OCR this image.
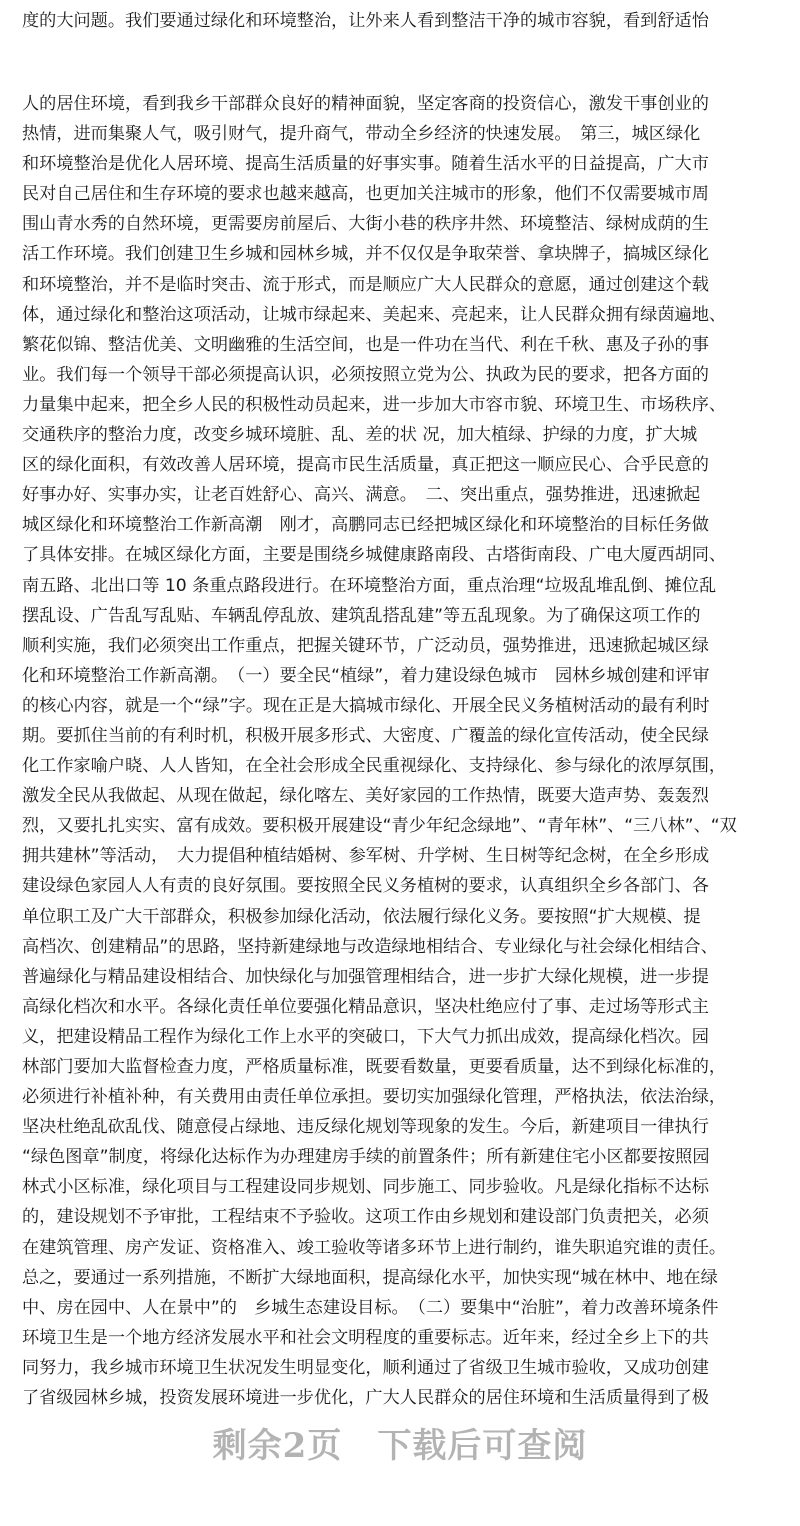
度的大问题。我们要通过绿化和环境整治，让外来人看到整洁干净的城市容貌，看到舒适怡
人的居住环境，看到我乡干部群众良好的精神面貌，坚定客商的投资信心，激发干事创业的
热情，进而集聚人气，吸引财气，提升商气，带动全乡经济的快速发展。　第三，城区绿化
和环境整治是优化人居环境、提高生活质量的好事实事。随着生活水平的日益提高，广大市
民对自己居住和生存环境的要求也越来越高，也更加关注城市的形象，他们不仅需要城市周
围山青水秀的自然环境，更需要房前屋后、大街小巷的秩序井然、环境整洁、绿树成荫的生
活工作环境。我们创建卫生乡城和园林乡城，并不仅仅是争取荣誉、拿块牌子，搞城区绿化
和环境整治，并不是临时突击、流于形式，而是顺应广大人民群众的意愿，通过创建这个载
体，通过绿化和整治这项活动，让城市绿起来、美起来、亮起来，让人民群众拥有绿茵遍地、
繁花似锦、整洁优美、文明幽雅的生活空间，也是一件功在当代、利在千秋、惠及子孙的事
业。我们每一个领导干部必须提高认识，必须按照立党为公、执政为民的要求，把各方面的
力量集中起来，把全乡人民的积极性动员起来，进一步加大市容市貌、环境卫生、市场秩序、
交通秩序的整治力度，改变乡城环境脏、乱、差的状 况，加大植绿、护绿的力度，扩大城
区的绿化面积，有效改善人居环境，提高市民生活质量，真正把这一顺应民心、合乎民意的
好事办好、实事办实，让老百姓舒心、高兴、满意。　二、突出重点，强势推进，迅速掀起
城区绿化和环境整治工作新高潮　刚才，高鹏同志已经把城区绿化和环境整治的目标任务做
了具体安排。在城区绿化方面，主要是围绕乡城健康路南段、古塔街南段、广电大厦西胡同、
南五路、北出口等 10 条重点路段进行。在环境整治方面，重点治理“垃圾乱堆乱倒、摊位乱
摆乱设、广告乱写乱贴、车辆乱停乱放、建筑乱搭乱建”等五乱现象。为了确保这项工作的
顺利实施，我们必须突出工作重点，把握关键环节，广泛动员，强势推进，迅速掀起城区绿
化和环境整治工作新高潮。　（一）要全民“植绿”，着力建设绿色城市　园林乡城创建和评审
的核心内容，就是一个“绿”字。现在正是大搞城市绿化、开展全民义务植树活动的最有利时
期。要抓住当前的有利时机，积极开展多形式、大密度、广覆盖的绿化宣传活动，使全民绿
化工作家喻户晓、人人皆知，在全社会形成全民重视绿化、支持绿化、参与绿化的浓厚氛围，
激发全民从我做起、从现在做起，绿化喀左、美好家园的工作热情，既要大造声势、轰轰烈
烈，又要扎扎实实、富有成效。要积极开展建设“青少年纪念绿地”、“青年林”、“三八林”、“双
拥共建林”等活动，　大力提倡种植结婚树、参军树、升学树、生日树等纪念树，在全乡形成
建设绿色家园人人有责的良好氛围。要按照全民义务植树的要求，认真组织全乡各部门、各
单位职工及广大干部群众，积极参加绿化活动，依法履行绿化义务。要按照“扩大规模、提
高档次、创建精品”的思路，坚持新建绿地与改造绿地相结合、专业绿化与社会绿化相结合、
普遍绿化与精品建设相结合、加快绿化与加强管理相结合，进一步扩大绿化规模，进一步提
高绿化档次和水平。各绿化责任单位要强化精品意识，坚决杜绝应付了事、走过场等形式主
义，把建设精品工程作为绿化工作上水平的突破口，下大气力抓出成效，提高绿化档次。园
林部门要加大监督检查力度，严格质量标准，既要看数量，更要看质量，达不到绿化标准的，
必须进行补植补种，有关费用由责任单位承担。要切实加强绿化管理，严格执法，依法治绿，
坚决杜绝乱砍乱伐、随意侵占绿地、违反绿化规划等现象的发生。今后，新建项目一律执行
“绿色图章”制度，将绿化达标作为办理建房手续的前置条件；所有新建住宅小区都要按照园
林式小区标准，绿化项目与工程建设同步规划、同步施工、同步验收。凡是绿化指标不达标
的，建设规划不予审批，工程结束不予验收。这项工作由乡规划和建设部门负责把关，必须
在建筑管理、房产发证、资格准入、竣工验收等诸多环节上进行制约，谁失职追究谁的责任。
总之，要通过一系列措施，不断扩大绿地面积，提高绿化水平，加快实现“城在林中、地在绿
中、房在园中、人在景中”的　乡城生态建设目标。　（二）要集中“治脏”，着力改善环境条件
环境卫生是一个地方经济发展水平和社会文明程度的重要标志。近年来，经过全乡上下的共
同努力，我乡城市环境卫生状况发生明显变化，顺利通过了省级卫生城市验收，又成功创建
了省级园林乡城，投资发展环境进一步优化，广大人民群众的居住环境和生活质量得到了极
剩余2页　下载后可查阅
